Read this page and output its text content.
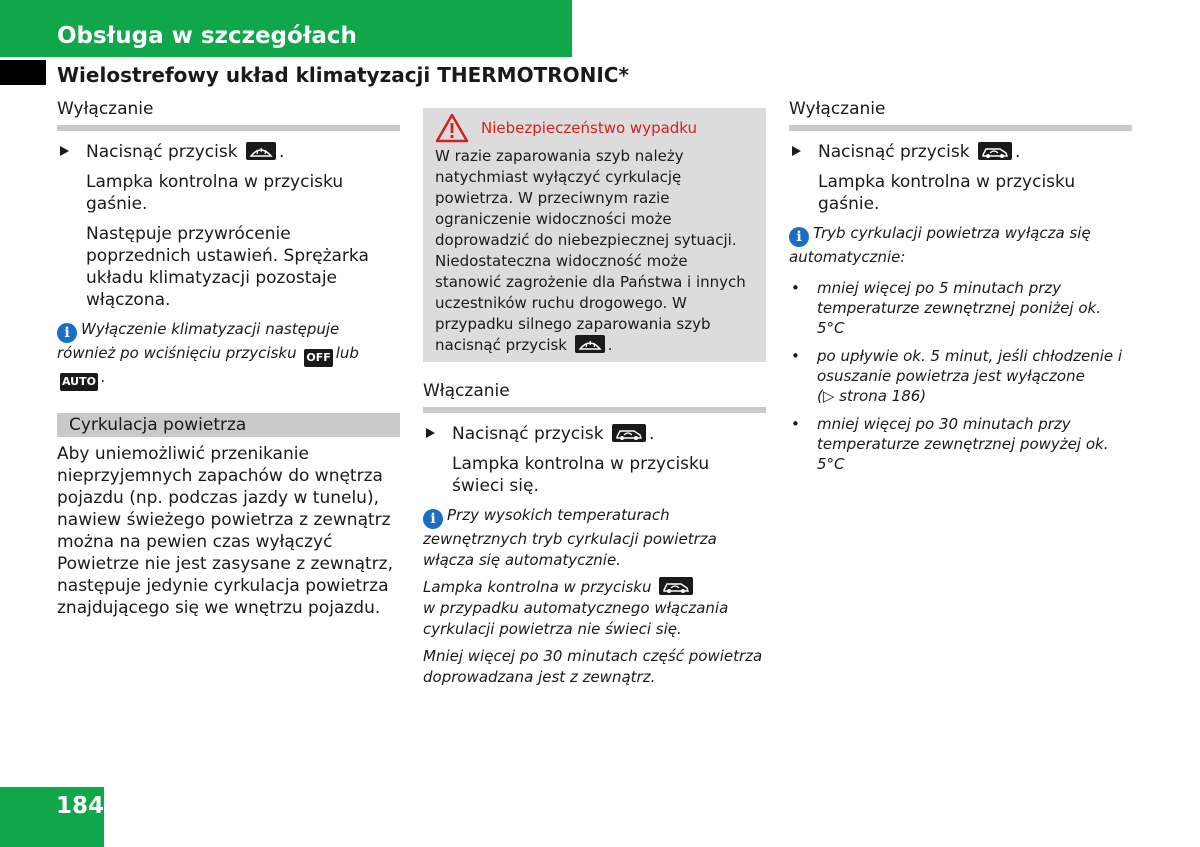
Obsługa w szczegółach
Wielostrefowy układ klimatyzacji THERMOTRONIC*
Wyłączanie
Nacisnąć przycisk .
Lampka kontrolna w przycisku gaśnie.
Następuje przywrócenie poprzednich ustawień. Sprężarka układu klimatyzacji pozostaje włączona.
i Wyłączenie klimatyzacji następuje również po wciśnięciu przycisku OFF lub AUTO .
Cyrkulacja powietrza
Aby uniemożliwić przenikanie nieprzyjemnych zapachów do wnętrza pojazdu (np. podczas jazdy w tunelu), nawiew świeżego powietrza z zewnątrz można na pewien czas wyłączyć Powietrze nie jest zasysane z zewnątrz, następuje jedynie cyrkulacja powietrza znajdującego się we wnętrzu pojazdu.
Niebezpieczeństwo wypadku
W razie zaparowania szyb należy natychmiast wyłączyć cyrkulację powietrza. W przeciwnym razie ograniczenie widoczności może doprowadzić do niebezpiecznej sytuacji. Niedostateczna widoczność może stanowić zagrożenie dla Państwa i innych uczestników ruchu drogowego. W przypadku silnego zaparowania szyb nacisnąć przycisk	.
Włączanie
Nacisnąć przycisk	.
Lampka kontrolna w przycisku świeci się.
i Przy wysokich temperaturach zewnętrznych tryb cyrkulacji powietrza włącza się automatycznie.
Lampka kontrolna w przycisku

w przypadku automatycznego włączania cyrkulacji powietrza nie świeci się.
Mniej więcej po 30 minutach część powietrza doprowadzana jest z zewnątrz.
Wyłączanie
Nacisnąć przycisk	.
Lampka kontrolna w przycisku gaśnie.
i Tryb cyrkulacji powietrza wyłącza się automatycznie:
• mniej więcej po 5 minutach przy temperaturze zewnętrznej poniżej ok. 5°C
• po upływie ok. 5 minut, jeśli chłodzenie i osuszanie powietrza jest wyłączone
(▷ strona 186)
• mniej więcej po 30 minutach przy temperaturze zewnętrznej powyżej ok. 5°C
184
